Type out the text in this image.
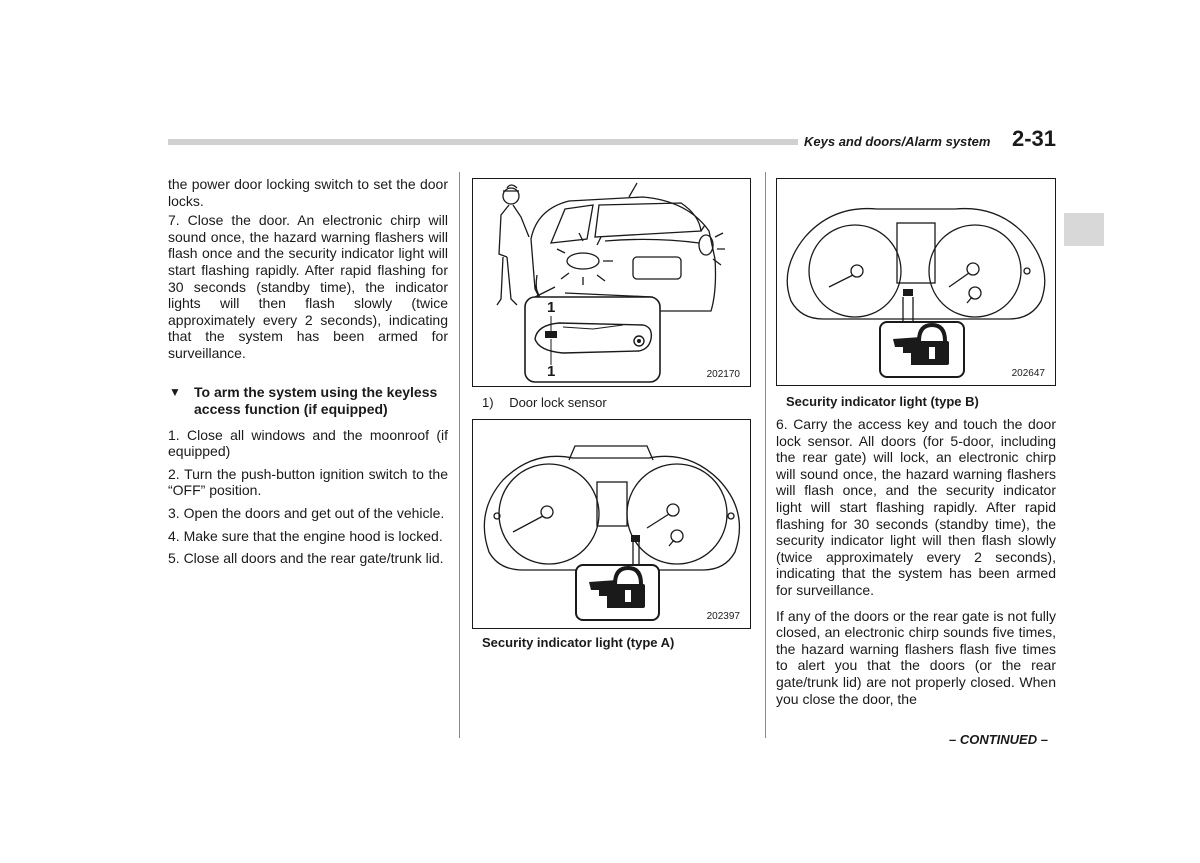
Keys and doors/Alarm system 2-31

the power door locking switch to set the door locks.

7. Close the door. An electronic chirp will sound once, the hazard warning flashers will flash once and the security indicator light will start flashing rapidly. After rapid flashing for 30 seconds (standby time), the indicator lights will then flash slowly (twice approximately every 2 seconds), indicating that the system has been armed for surveillance.

▼ To arm the system using the keyless access function (if equipped)

1. Close all windows and the moonroof (if equipped)

2. Turn the push-button ignition switch to the “OFF” position.

3. Open the doors and get out of the vehicle.

4. Make sure that the engine hood is locked.

5. Close all doors and the rear gate/trunk lid.

1
1	202170
1) Door lock sensor
202397
Security indicator light (type A)
202647
Security indicator light (type B)

6. Carry the access key and touch the door lock sensor. All doors (for 5-door, including the rear gate) will lock, an electronic chirp will sound once, the hazard warning flashers will flash once, and the security indicator light will start flashing rapidly. After rapid flashing for 30 seconds (standby time), the security indicator light will then flash slowly (twice approximately every 2 seconds), indicating that the system has been armed for surveillance.

If any of the doors or the rear gate is not fully closed, an electronic chirp sounds five times, the hazard warning flashers flash five times to alert you that the doors (or the rear gate/trunk lid) are not properly closed. When you close the door, the

– CONTINUED –
